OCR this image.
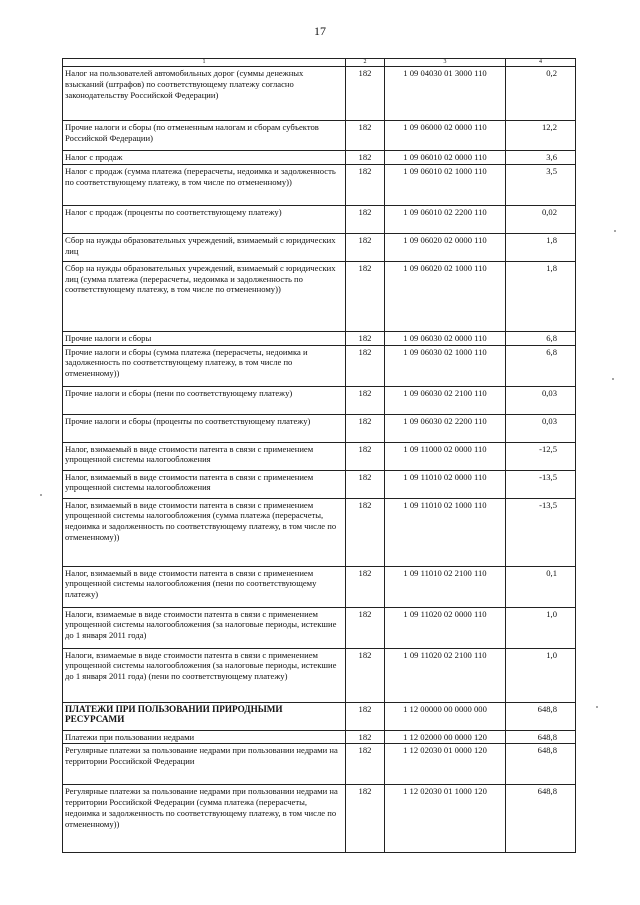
17
1	2	3	4
Налог на пользователей автомобильных дорог (суммы денежных взысканий (штрафов) по соответствующему платежу согласно законодательству Российской Федерации)	182	1 09 04030 01 3000 110	0,2
Прочие налоги и сборы (по отмененным налогам и сборам субъектов Российской Федерации)	182	1 09 06000 02 0000 110	12,2
Налог с продаж	182	1 09 06010 02 0000 110	3,6
Налог с продаж (сумма платежа (перерасчеты, недоимка и задолженность по соответствующему платежу, в том числе по отмененному))	182	1 09 06010 02 1000 110	3,5
Налог с продаж (проценты по соответствующему платежу)	182	1 09 06010 02 2200 110	0,02
Сбор на нужды образовательных учреждений, взимаемый с юридических лиц	182	1 09 06020 02 0000 110	1,8
Сбор на нужды образовательных учреждений, взимаемый с юридических лиц (сумма платежа (перерасчеты, недоимка и задолженность по соответствующему платежу, в том числе по отмененному))	182	1 09 06020 02 1000 110	1,8
Прочие налоги и сборы	182	1 09 06030 02 0000 110	6,8
Прочие налоги и сборы (сумма платежа (перерасчеты, недоимка и задолженность по соответствующему платежу, в том числе по отмененному))	182	1 09 06030 02 1000 110	6,8
Прочие налоги и сборы (пени по соответствующему платежу)	182	1 09 06030 02 2100 110	0,03
Прочие налоги и сборы (проценты по соответствующему платежу)	182	1 09 06030 02 2200 110	0,03
Налог, взимаемый в виде стоимости патента в связи с применением упрощенной системы налогообложения	182	1 09 11000 02 0000 110	-12,5
Налог, взимаемый в виде стоимости патента в связи с применением упрощенной системы налогообложения	182	1 09 11010 02 0000 110	-13,5
Налог, взимаемый в виде стоимости патента в связи с применением упрощенной системы налогообложения (сумма платежа (перерасчеты, недоимка и задолженность по соответствующему платежу, в том числе по отмененному))	182	1 09 11010 02 1000 110	-13,5
Налог, взимаемый в виде стоимости патента в связи с применением упрощенной системы налогообложения (пени по соответствующему платежу)	182	1 09 11010 02 2100 110	0,1
Налоги, взимаемые в виде стоимости патента в связи с применением упрощенной системы налогообложения (за налоговые периоды, истекшие до 1 января 2011 года)	182	1 09 11020 02 0000 110	1,0
Налоги, взимаемые в виде стоимости патента в связи с применением упрощенной системы налогообложения (за налоговые периоды, истекшие до 1 января 2011 года) (пени по соответствующему платежу)	182	1 09 11020 02 2100 110	1,0
ПЛАТЕЖИ ПРИ ПОЛЬЗОВАНИИ ПРИРОДНЫМИ РЕСУРСАМИ	182	1 12 00000 00 0000 000	648,8
Платежи при пользовании недрами	182	1 12 02000 00 0000 120	648,8
Регулярные платежи за пользование недрами при пользовании недрами на территории Российской Федерации	182	1 12 02030 01 0000 120	648,8
Регулярные платежи за пользование недрами при пользовании недрами на территории Российской Федерации (сумма платежа (перерасчеты, недоимка и задолженность по соответствующему платежу, в том числе по отмененному))	182	1 12 02030 01 1000 120	648,8
